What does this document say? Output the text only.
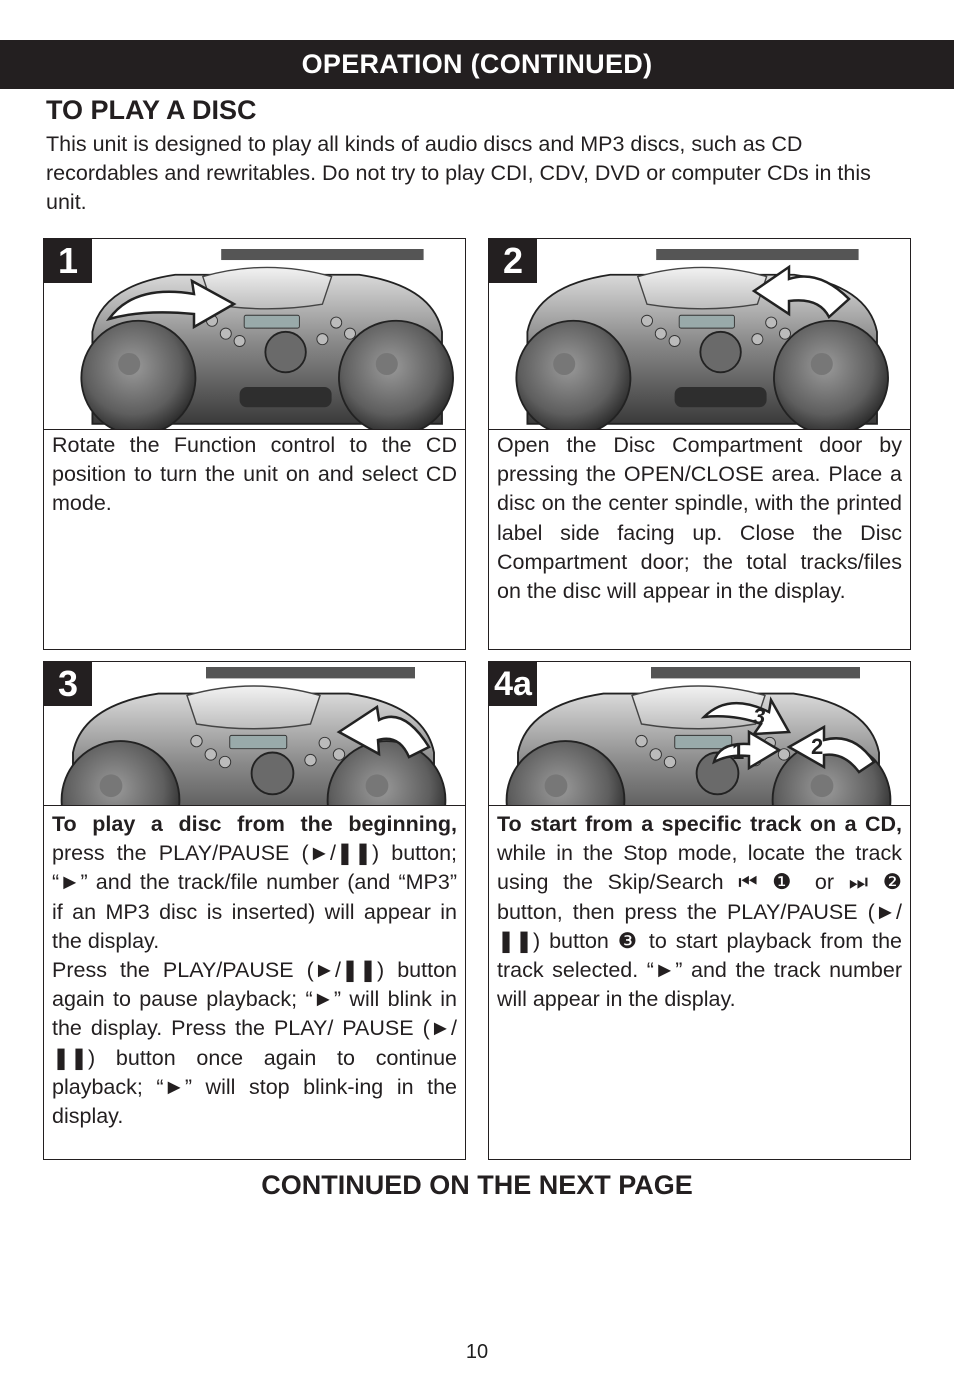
OPERATION (CONTINUED)
TO PLAY A DISC
This unit is designed to play all kinds of audio discs and MP3 discs, such as CD recordables and rewritables. Do not try to play CDI, CDV, DVD or computer CDs in this unit.
1
Rotate the Function control to the CD position to turn the unit on and select CD mode.
2
Open the Disc Compartment door by pressing the OPEN/CLOSE area. Place a disc on the center spindle, with the printed label side facing up. Close the Disc Compartment door; the total tracks/files on the disc will appear in the display.
3

To play a disc from the beginning, press the PLAY/PAUSE (►/❚❚) button; “►” and the track/file number (and “MP3” if an MP3 disc is inserted) will appear in the display.

Press the PLAY/PAUSE (►/❚❚) button again to pause playback; “►” will blink in the display. Press the PLAY/ PAUSE (►/❚❚) button once again to continue playback; “►” will stop blink-ing in the display.

3
1	2
4a

To start from a specific track on a CD, while in the Stop mode, locate the track using the Skip/Search ⏮ ❶ or ⏭ ❷ button, then press the PLAY/PAUSE (►/❚❚) button ❸ to start playback from the track selected. “►” and the track number will appear in the display.

CONTINUED ON THE NEXT PAGE
10
